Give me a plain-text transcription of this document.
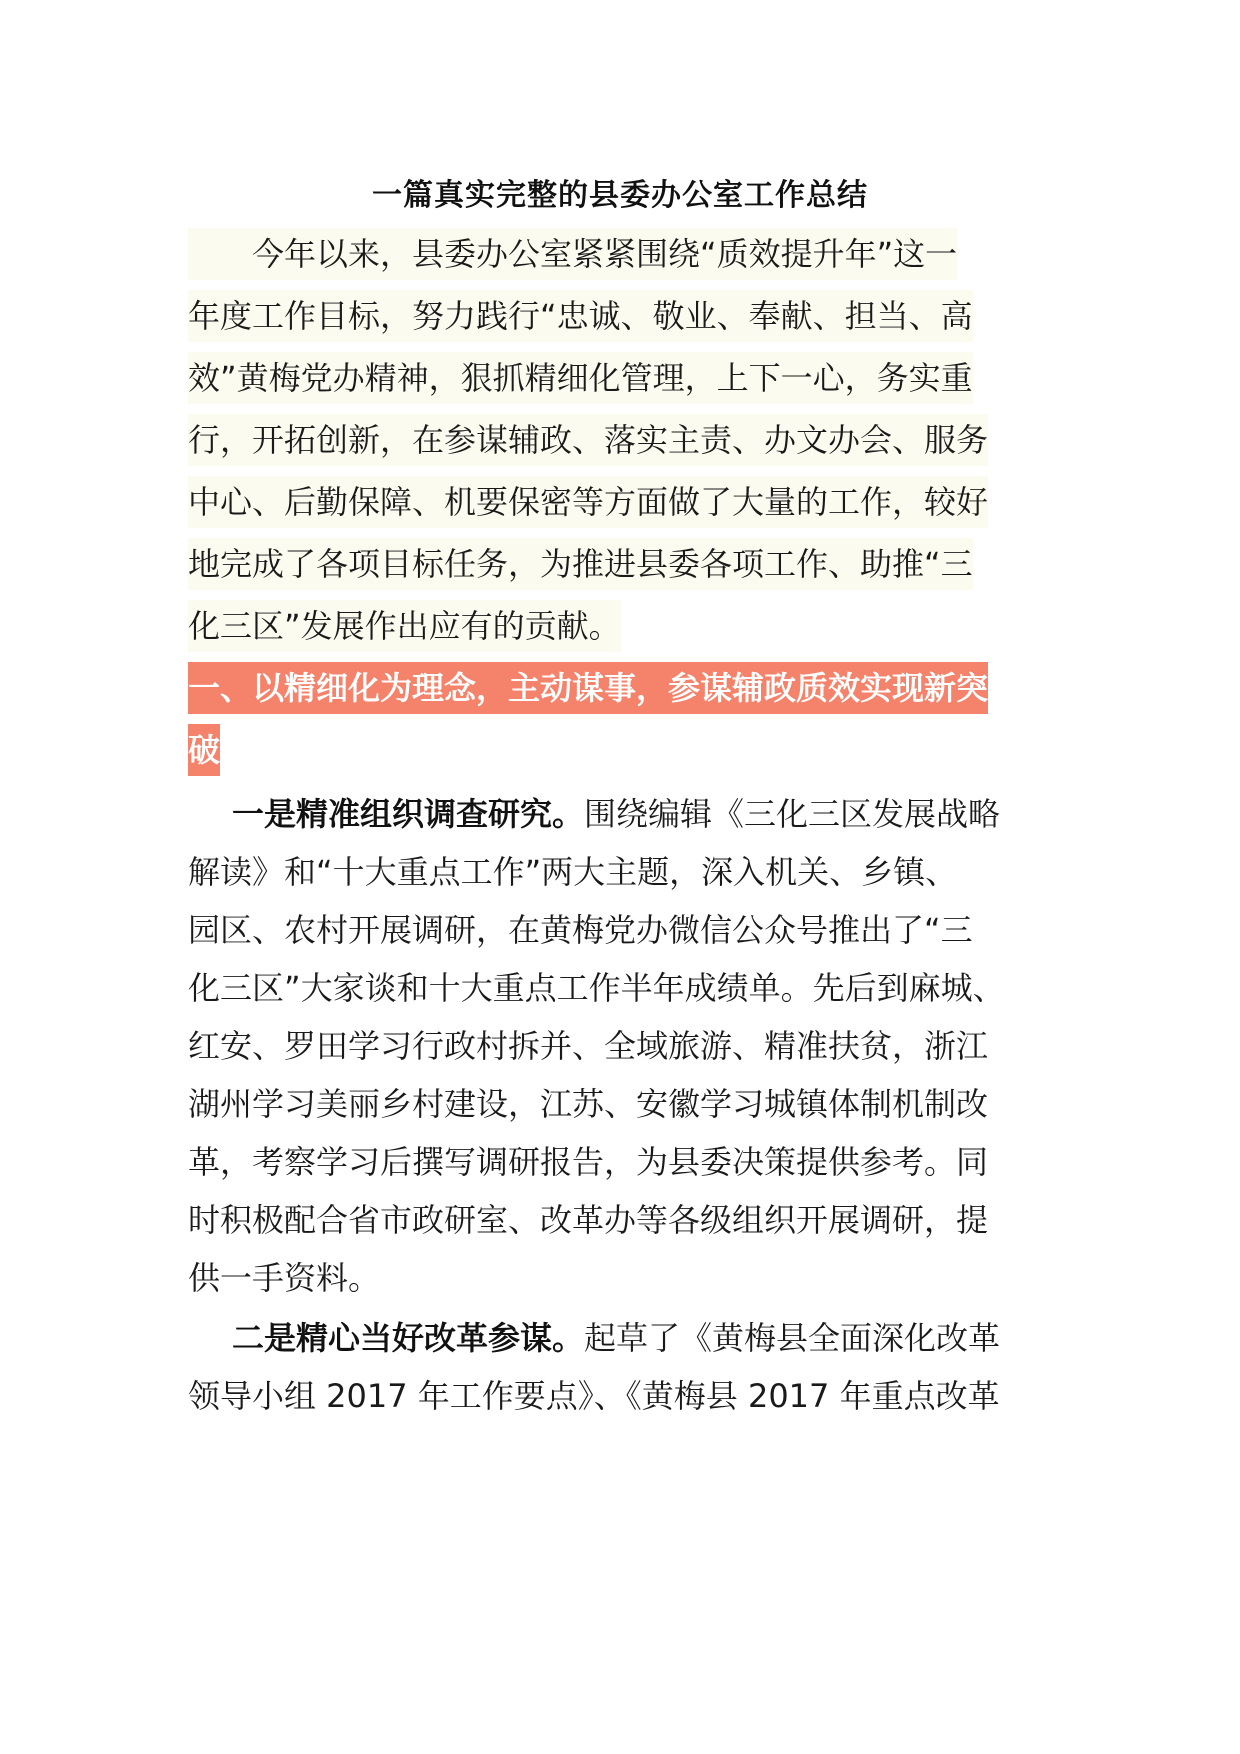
一篇真实完整的县委办公室工作总结
今年以来，县委办公室紧紧围绕“质效提升年”这一
年度工作目标，努力践行“忠诚、敬业、奉献、担当、高
效”黄梅党办精神，狠抓精细化管理，上下一心，务实重
行，开拓创新，在参谋辅政、落实主责、办文办会、服务
中心、后勤保障、机要保密等方面做了大量的工作，较好
地完成了各项目标任务，为推进县委各项工作、助推“三
化三区”发展作出应有的贡献。
一、以精细化为理念，主动谋事，参谋辅政质效实现新突
破
一是精准组织调查研究。围绕编辑《三化三区发展战略
解读》和“十大重点工作”两大主题，深入机关、乡镇、
园区、农村开展调研，在黄梅党办微信公众号推出了“三
化三区”大家谈和十大重点工作半年成绩单。先后到麻城、
红安、罗田学习行政村拆并、全域旅游、精准扶贫，浙江
湖州学习美丽乡村建设，江苏、安徽学习城镇体制机制改
革，考察学习后撰写调研报告，为县委决策提供参考。同
时积极配合省市政研室、改革办等各级组织开展调研，提
供一手资料。
二是精心当好改革参谋。起草了《黄梅县全面深化改革
领导小组 2017 年工作要点》、《黄梅县 2017 年重点改革
